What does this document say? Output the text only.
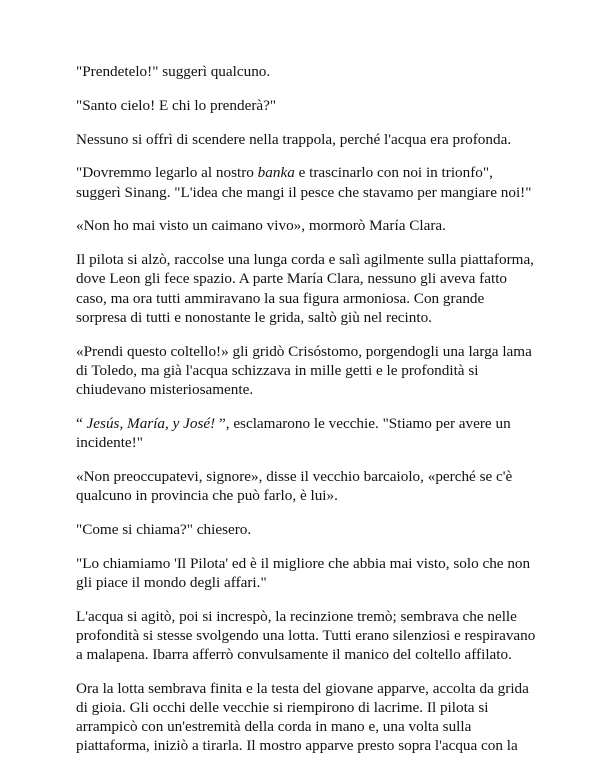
"Prendetelo!" suggerì qualcuno.

"Santo cielo! E chi lo prenderà?"

Nessuno si offrì di scendere nella trappola, perché l'acqua era profonda.

"Dovremmo legarlo al nostro banka e trascinarlo con noi in trionfo", suggerì Sinang. "L'idea che mangi il pesce che stavamo per mangiare noi!"

«Non ho mai visto un caimano vivo», mormorò María Clara.

Il pilota si alzò, raccolse una lunga corda e salì agilmente sulla piattaforma, dove Leon gli fece spazio. A parte María Clara, nessuno gli aveva fatto caso, ma ora tutti ammiravano la sua figura armoniosa. Con grande sorpresa di tutti e nonostante le grida, saltò giù nel recinto.

«Prendi questo coltello!» gli gridò Crisóstomo, porgendogli una larga lama di Toledo, ma già l'acqua schizzava in mille getti e le profondità si chiudevano misteriosamente.

“ Jesús, María, y José! ”, esclamarono le vecchie. "Stiamo per avere un incidente!"

«Non preoccupatevi, signore», disse il vecchio barcaiolo, «perché se c'è qualcuno in provincia che può farlo, è lui».

"Come si chiama?" chiesero.

"Lo chiamiamo 'Il Pilota' ed è il migliore che abbia mai visto, solo che non gli piace il mondo degli affari."

L'acqua si agitò, poi si increspò, la recinzione tremò; sembrava che nelle profondità si stesse svolgendo una lotta. Tutti erano silenziosi e respiravano a malapena. Ibarra afferrò convulsamente il manico del coltello affilato.

Ora la lotta sembrava finita e la testa del giovane apparve, accolta da grida di gioia. Gli occhi delle vecchie si riempirono di lacrime. Il pilota si arrampicò con un'estremità della corda in mano e, una volta sulla piattaforma, iniziò a tirarla. Il mostro apparve presto sopra l'acqua con la
